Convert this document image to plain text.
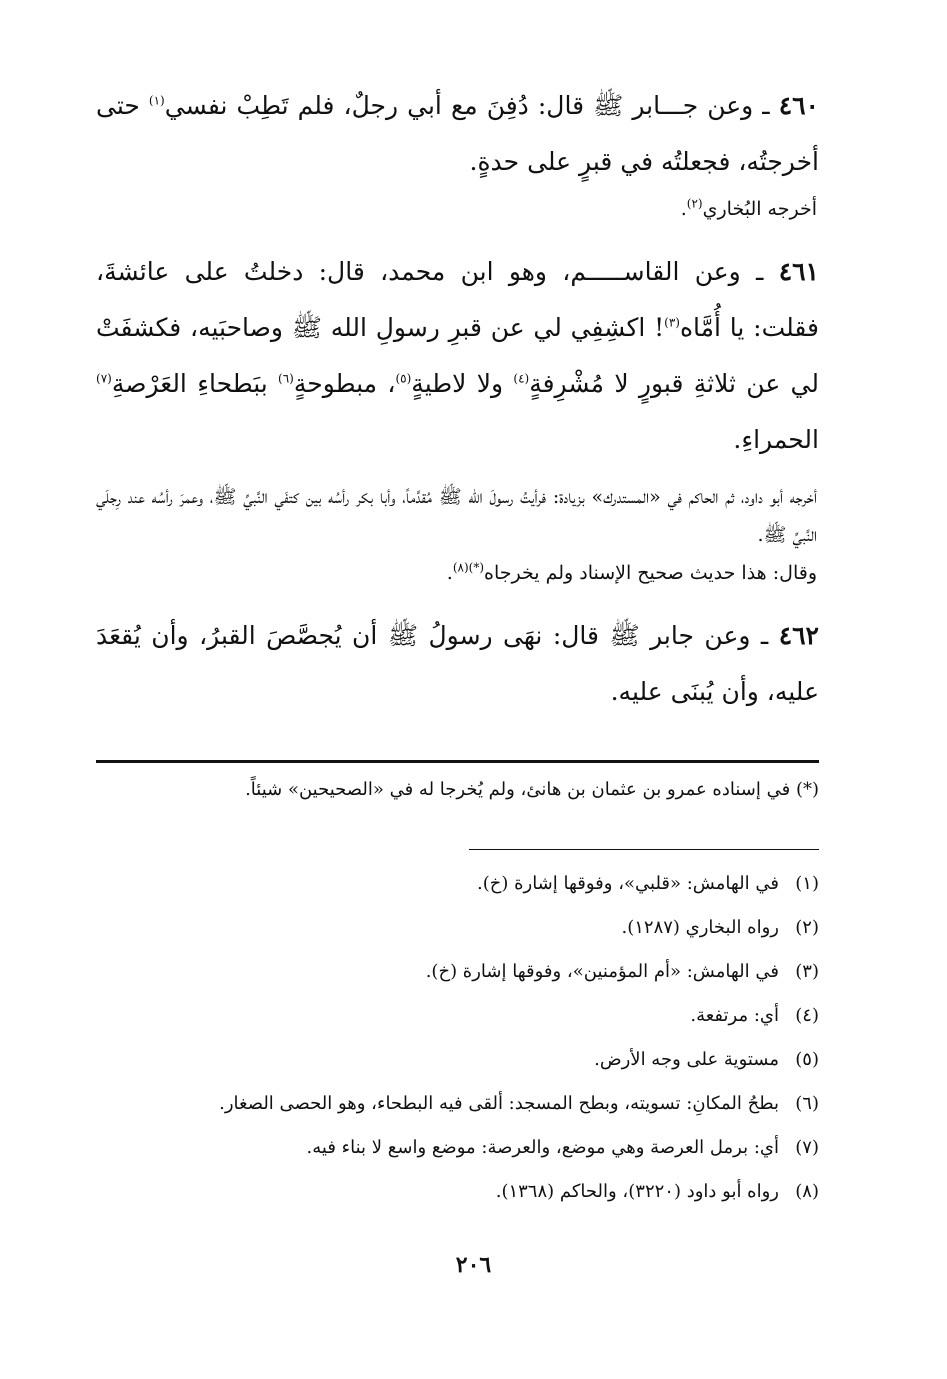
٤٦٠ ـ وعن جـــابر ﷺ قال: دُفِنَ مع أبي رجلٌ، فلم تَطِبْ نفسي$^{(١)}$ حتى أخرجتُه، فجعلتُه في قبرٍ على حدةٍ.

أخرجه البُخاري$^{(٢)}$.

٤٦١ ـ وعن القاســـــم، وهو ابن محمد، قال: دخلتُ على عائشةَ، فقلت: يا أُمَّاه$^{(٣)}$! اكشِفِي لي عن قبرِ رسولِ الله ﷺ وصاحبَيه، فكشفَتْ لي عن ثلاثةِ قبورٍ لا مُشْرِفةٍ$^{(٤)}$ ولا لاطيةٍ$^{(٥)}$، مبطوحةٍ$^{(٦)}$ ببَطحاءِ العَرْصةِ$^{(٧)}$ الحمراءِ.

أخرجه أبو داود، ثم الحاكم في «المستدرك» بزيادة: فرأيتُ رسولَ الله ﷺ مُقدَّماً، وأبا بكر رأسُه بين كتفَي النَّبيِّ ﷺ، وعمرَ رأسُه عند رِجلَي النَّبيِّ ﷺ.

وقال: هذا حديث صحيح الإسناد ولم يخرجاه$^{(*)(٨)}$.

٤٦٢ ـ وعن جابر ﷺ قال: نهَى رسولُ ﷺ أن يُجصَّصَ القبرُ، وأن يُقعَدَ عليه، وأن يُبنَى عليه.

(*) في إسناده عمرو بن عثمان بن هانئ، ولم يُخرجا له في «الصحيحين» شيئاً.

(١)في الهامش: «قلبي»، وفوقها إشارة (خ).
(٢)رواه البخاري (١٢٨٧).
(٣)في الهامش: «أم المؤمنين»، وفوقها إشارة (خ).
(٤)أي: مرتفعة.
(٥)مستوية على وجه الأرض.
(٦)بطحُ المكانِ: تسويته، وبطح المسجد: ألقى فيه البطحاء، وهو الحصى الصغار.
(٧)أي: برمل العرصة وهي موضع، والعرصة: موضع واسع لا بناء فيه.
(٨)رواه أبو داود (٣٢٢٠)، والحاكم (١٣٦٨).
٢٠٦
